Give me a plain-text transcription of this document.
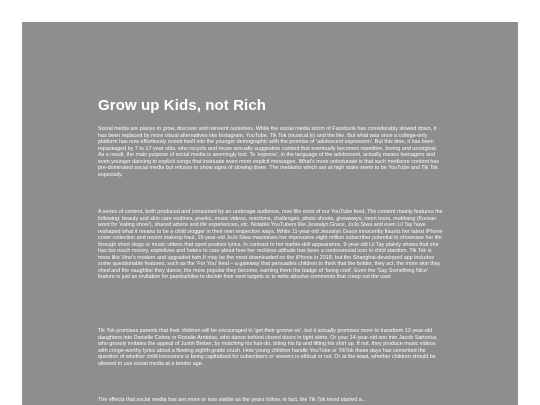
Grow up Kids, not Rich

Social media are places to grow, discover and reinvent ourselves. While the social media storm of Facebook has considerably slowed down, it has been replaced by more visual alternatives like Instagram, YouTube, Tik Tok (musical.ly) and the like. But what was once a college-only platform has now effortlessly oozed itself into the younger demographic with the promise of 'adolescent expression'. But this time, it has been repackaged by 7 to 17-year olds, who recycle and reuse sexually suggestive content that eventually becomes repetitive, boring and unoriginal. As a result, the main purpose of social media is seemingly lost. To 'express', in the language of the adolescent, actually means teenagers and even younger dancing to explicit songs that insinuate even more explicit messages. What's more unfortunate is that such mediocre content has pre-dominated social media but refuses to show signs of slowing down. The mediums which are at high stake seem to be YouTube and Tik Tok especially.

A series of content, both produced and consumed by an underage audience, now fills most of our YouTube feed. The content mainly features the following: beauty and skin care routines, pranks, music videos, reactions, challenges, photo shoots, giveaways, room tours, mukbang (Korean word for 'eating show'), shared advice and life experiences, etc. Notable YouTubers like Jessalyn Grace, JoJo Siwa and even Lil Tay have reshaped what it means to be a child vlogger in their own respective ways. While 11-year-old Jessalyn Grace innocently flaunts her latest iPhone cover collection and recent makeup haul, 15-year-old JoJo Siwa maximises her impressive eight million subscriber potential to showcase her life through short vlogs or music videos that sport positive lyrics. In contrast to her barbie-doll appearance, 9-year-old Lil Tay plainly shows that she has too much money, expletives and haters to care about how her reckless attitude has been a controversial icon in child stardom. Tik Tok is more like Vine's modern and upgraded twin.It may be the most downloaded on the iPhone in 2018, but the Shanghai-developed app includes some questionable features, such as the 'For You' feed – a gateway that persuades children to think that the bolder, they act, the more skin they shed and the naughtier they dance, the more popular they become, earning them the badge of 'being cool'. Even the 'Say Something Nice' feature is just an invitation for paedophiles to decide their next targets or to write abusive comments that creep out the user.

Tik Tok promises parents that their children will be encouraged to 'get their groove on', but it actually promises more to transform 12-year-old daughters into Danielle Cohns or Rosalie Arritolas, who dance behind closed doors in tight skirts. Or your 14-year-old son into Jacob Sartorius, who grossly imitates the appeal of Justin Bieber, by matching his hair-do, biting his lip and lifting his shirt up. If not, they produce music videos with cringe-worthy lyrics about a fleeting eighth-grade crush. How young children handle YouTube or TikTok these days has cemented the question of whether child innocence is being capitalised for subscribers or viewers is ethical or not. Or at the least, whether children should be allowed to use social media at a tender age.

The effects that social media has are more or less visible as the years follow, in fact, the Tik Tok trend started a...
